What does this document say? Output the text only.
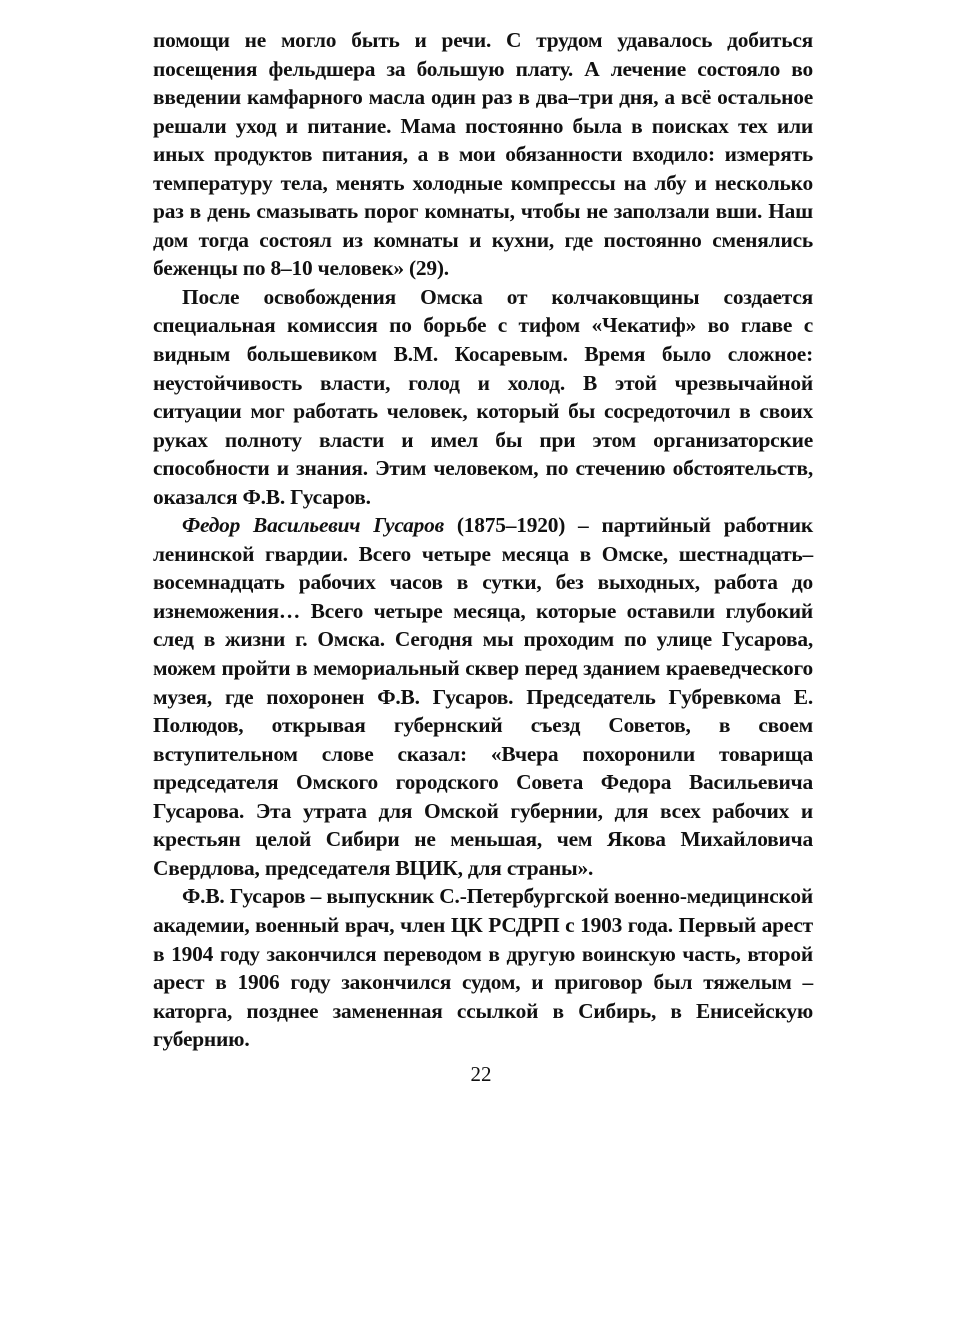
помощи не могло быть и речи. С трудом удавалось добиться посещения фельдшера за большую плату. А лечение состояло во введении камфарного масла один раз в два–три дня, а всё остальное решали уход и питание. Мама постоянно была в поисках тех или иных продуктов питания, а в мои обязанности входило: измерять температуру тела, менять холодные компрессы на лбу и несколько раз в день смазывать порог комнаты, чтобы не заползали вши. Наш дом тогда состоял из комнаты и кухни, где постоянно сменялись беженцы по 8–10 человек» (29).

После освобождения Омска от колчаковщины создается специальная комиссия по борьбе с тифом «Чекатиф» во главе с видным большевиком В.М. Косаревым. Время было сложное: неустойчивость власти, голод и холод. В этой чрезвычайной ситуации мог работать человек, который бы сосредоточил в своих руках полноту власти и имел бы при этом организаторские способности и знания. Этим человеком, по стечению обстоятельств, оказался Ф.В. Гусаров.

Федор Васильевич Гусаров (1875–1920) – партийный работник ленинской гвардии. Всего четыре месяца в Омске, шестнадцать–восемнадцать рабочих часов в сутки, без выходных, работа до изнеможения… Всего четыре месяца, которые оставили глубокий след в жизни г. Омска. Сегодня мы проходим по улице Гусарова, можем пройти в мемориальный сквер перед зданием краеведческого музея, где похоронен Ф.В. Гусаров. Председатель Губревкома Е. Полюдов, открывая губернский съезд Советов, в своем вступительном слове сказал: «Вчера похоронили товарища председателя Омского городского Совета Федора Васильевича Гусарова. Эта утрата для Омской губернии, для всех рабочих и крестьян целой Сибири не меньшая, чем Якова Михайловича Свердлова, председателя ВЦИК, для страны».

Ф.В. Гусаров – выпускник С.-Петербургской военно-медицинской академии, военный врач, член ЦК РСДРП с 1903 года. Первый арест в 1904 году закончился переводом в другую воинскую часть, второй арест в 1906 году закончился судом, и приговор был тяжелым – каторга, позднее замененная ссылкой в Сибирь, в Енисейскую губернию.

22
